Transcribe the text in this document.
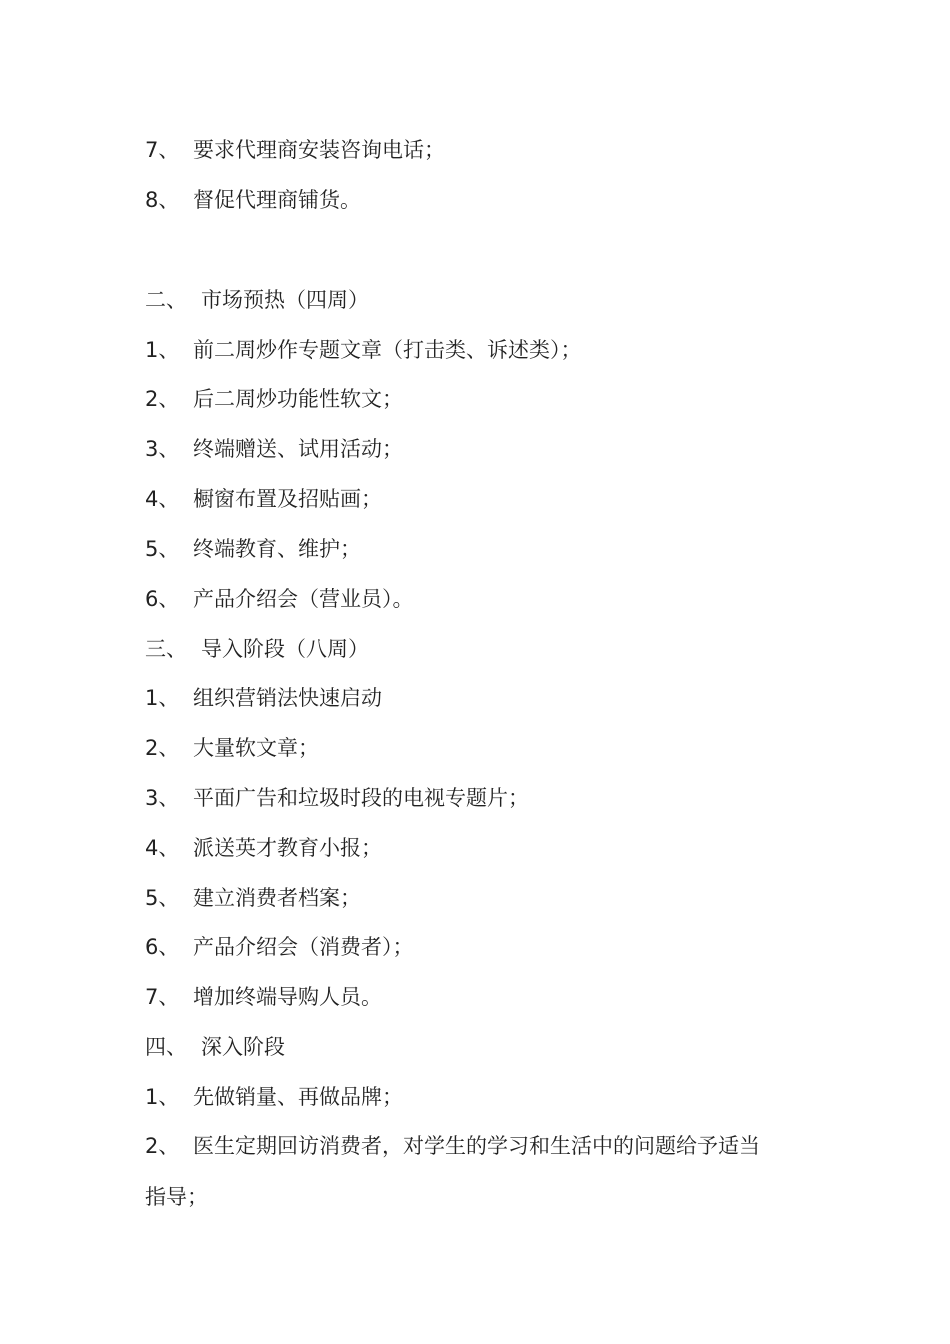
7、 要求代理商安装咨询电话；
8、 督促代理商铺货。
二、 市场预热（四周）
1、 前二周炒作专题文章（打击类、诉述类）；
2、 后二周炒功能性软文；
3、 终端赠送、试用活动；
4、 橱窗布置及招贴画；
5、 终端教育、维护；
6、 产品介绍会（营业员）。
三、 导入阶段（八周）
1、 组织营销法快速启动
2、 大量软文章；
3、 平面广告和垃圾时段的电视专题片；
4、 派送英才教育小报；
5、 建立消费者档案；
6、 产品介绍会（消费者）；
7、 增加终端导购人员。
四、 深入阶段
1、 先做销量、再做品牌；
2、 医生定期回访消费者，对学生的学习和生活中的问题给予适当
指导；
